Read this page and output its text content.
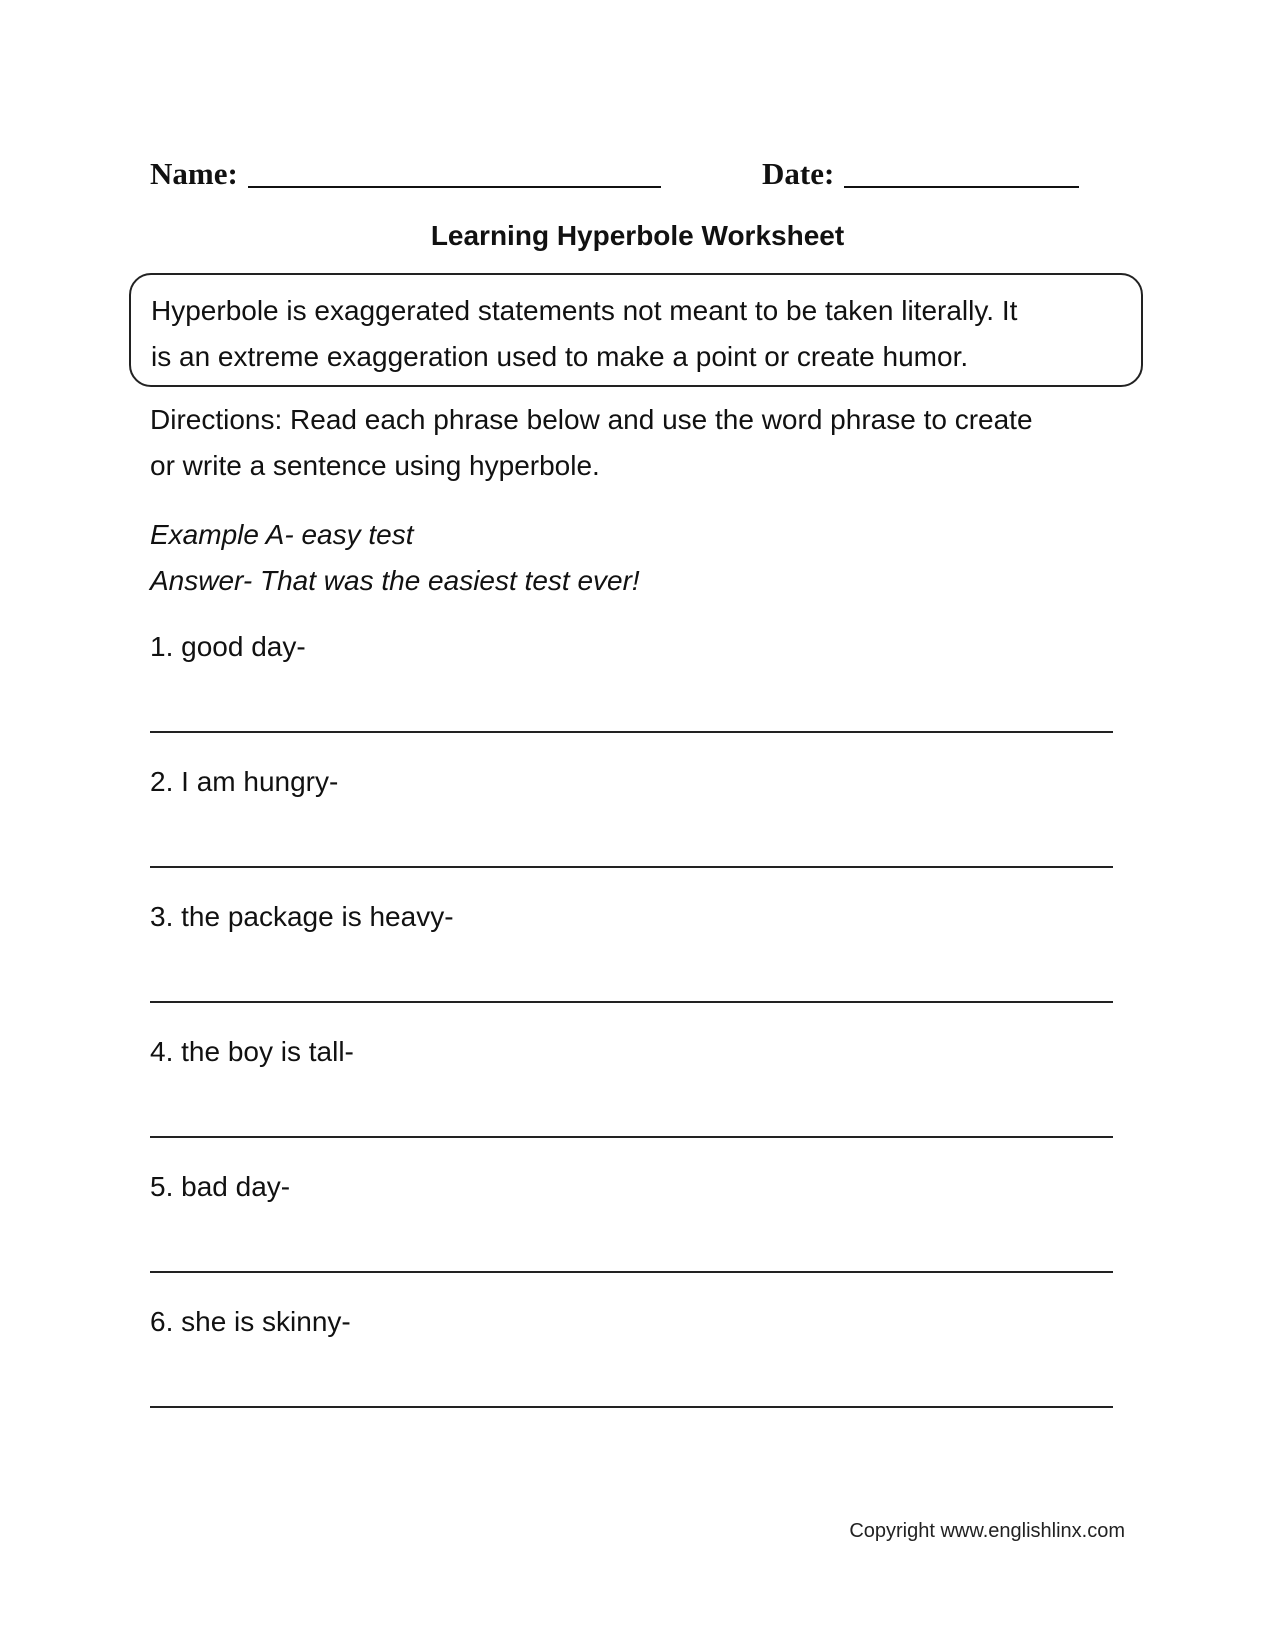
Name:	Date:
Learning Hyperbole Worksheet
Hyperbole is exaggerated statements not meant to be taken literally. It
is an extreme exaggeration used to make a point or create humor.
Directions: Read each phrase below and use the word phrase to create
or write a sentence using hyperbole.
Example A- easy test
Answer- That was the easiest test ever!
1. good day-
2. I am hungry-
3. the package is heavy-
4. the boy is tall-
5. bad day-
6. she is skinny-
Copyright www.englishlinx.com
